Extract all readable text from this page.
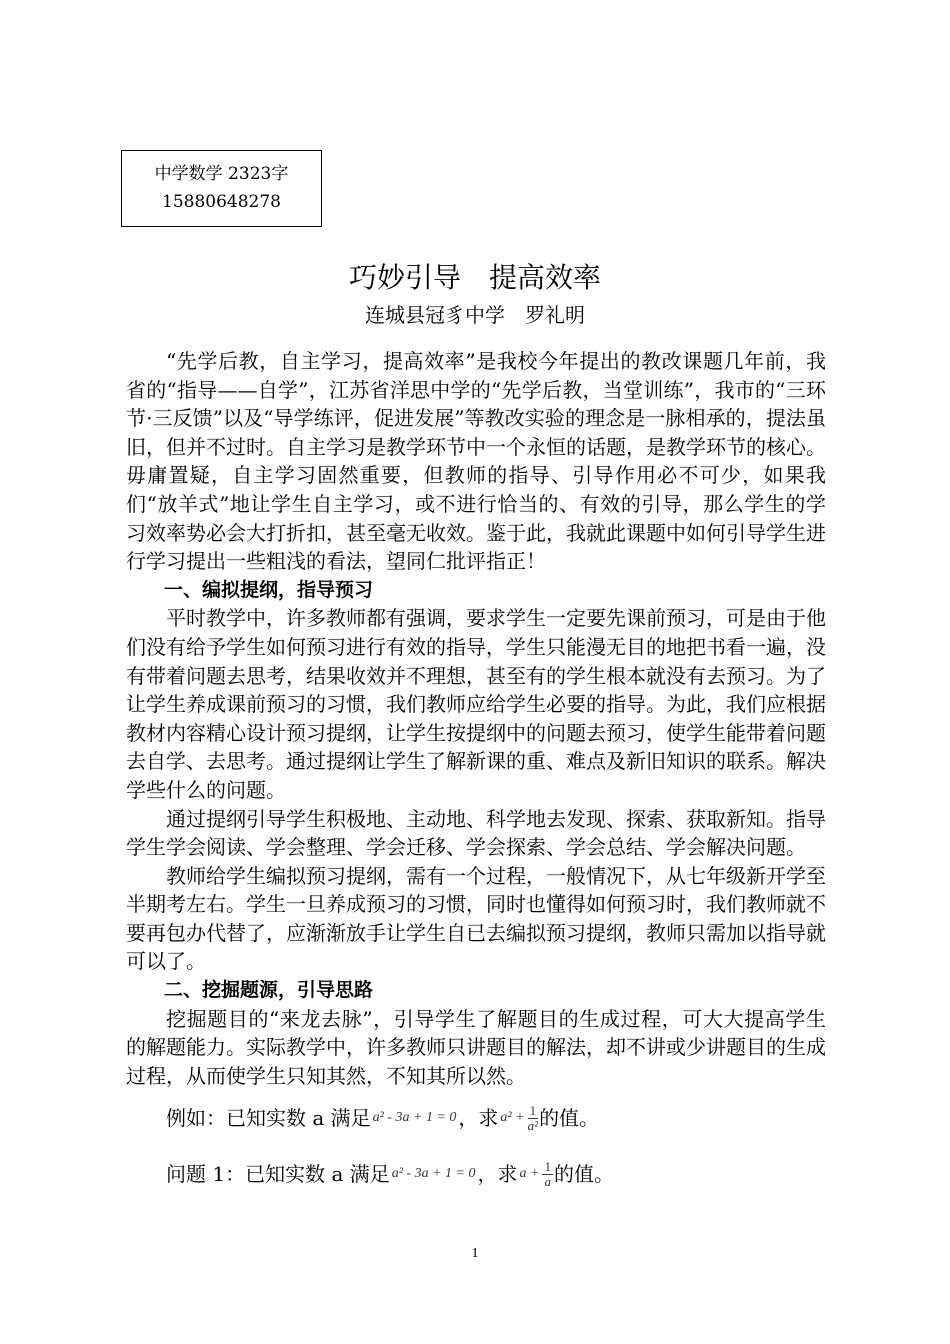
中学数学 2323字
15880648278
巧妙引导　提高效率
连城县冠豸中学　罗礼明

“先学后教，自主学习，提高效率”是我校今年提出的教改课题几年前，我省的“指导——自学”，江苏省洋思中学的“先学后教，当堂训练”，我市的“三环节·三反馈”以及“导学练评，促进发展”等教改实验的理念是一脉相承的，提法虽旧，但并不过时。自主学习是教学环节中一个永恒的话题，是教学环节的核心。毋庸置疑，自主学习固然重要，但教师的指导、引导作用必不可少，如果我们“放羊式”地让学生自主学习，或不进行恰当的、有效的引导，那么学生的学习效率势必会大打折扣，甚至毫无收效。鉴于此，我就此课题中如何引导学生进行学习提出一些粗浅的看法，望同仁批评指正！

一、编拟提纲，指导预习

平时教学中，许多教师都有强调，要求学生一定要先课前预习，可是由于他们没有给予学生如何预习进行有效的指导，学生只能漫无目的地把书看一遍，没有带着问题去思考，结果收效并不理想，甚至有的学生根本就没有去预习。为了让学生养成课前预习的习惯，我们教师应给学生必要的指导。为此，我们应根据教材内容精心设计预习提纲，让学生按提纲中的问题去预习，使学生能带着问题去自学、去思考。通过提纲让学生了解新课的重、难点及新旧知识的联系。解决学些什么的问题。

通过提纲引导学生积极地、主动地、科学地去发现、探索、获取新知。指导学生学会阅读、学会整理、学会迁移、学会探索、学会总结、学会解决问题。

教师给学生编拟预习提纲，需有一个过程，一般情况下，从七年级新开学至半期考左右。学生一旦养成预习的习惯，同时也懂得如何预习时，我们教师就不要再包办代替了，应渐渐放手让学生自已去编拟预习提纲，教师只需加以指导就可以了。

二、挖掘题源，引导思路

挖掘题目的“来龙去脉”，引导学生了解题目的生成过程，可大大提高学生的解题能力。实际教学中，许多教师只讲题目的解法，却不讲或少讲题目的生成过程，从而使学生只知其然，不知其所以然。

例如：已知实数 a 满足 a² - 3a + 1 = 0 ，求 $a^2 + \frac{1}{\text{a²}}$ 的值。
问题 1：已知实数 a 满足 a² - 3a + 1 = 0 ，求 $a + \frac{1}{a}$ 的值。
1
